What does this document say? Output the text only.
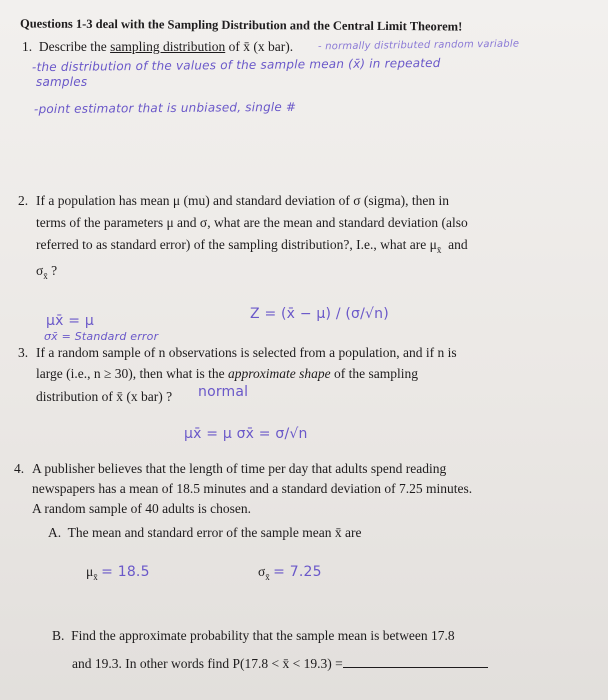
Questions 1-3 deal with the Sampling Distribution and the Central Limit Theorem!
1. Describe the sampling distribution of x̄ (x bar). - normally distributed random variable
-the distribution of the values of the sample mean (x̄) in repeated
samples
-point estimator that is unbiased, single #
2. If a population has mean μ (mu) and standard deviation of σ (sigma), then in
terms of the parameters μ and σ, what are the mean and standard deviation (also
referred to as standard error) of the sampling distribution?, I.e., what are $\mu_{x̄}$ and
$\sigma_{x̄}$ ?
μx̄ = μ	Z = (x̄ − μ) / (σ/√n)
σx̄ = Standard error
3. If a random sample of n observations is selected from a population, and if n is
large (i.e., n ≥ 30), then what is the approximate shape of the sampling
distribution of x̄ (x bar) ? normal
μx̄ = μ σx̄ = σ/√n
4. A publisher believes that the length of time per day that adults spend reading
newspapers has a mean of 18.5 minutes and a standard deviation of 7.25 minutes.
A random sample of 40 adults is chosen.
A. The mean and standard error of the sample mean x̄ are
$\mu_{x̄} = 18.5$	$\sigma_{x̄} = 7.25$
B. Find the approximate probability that the sample mean is between 17.8
and 19.3. In other words find P(17.8 < x̄ < 19.3) =
